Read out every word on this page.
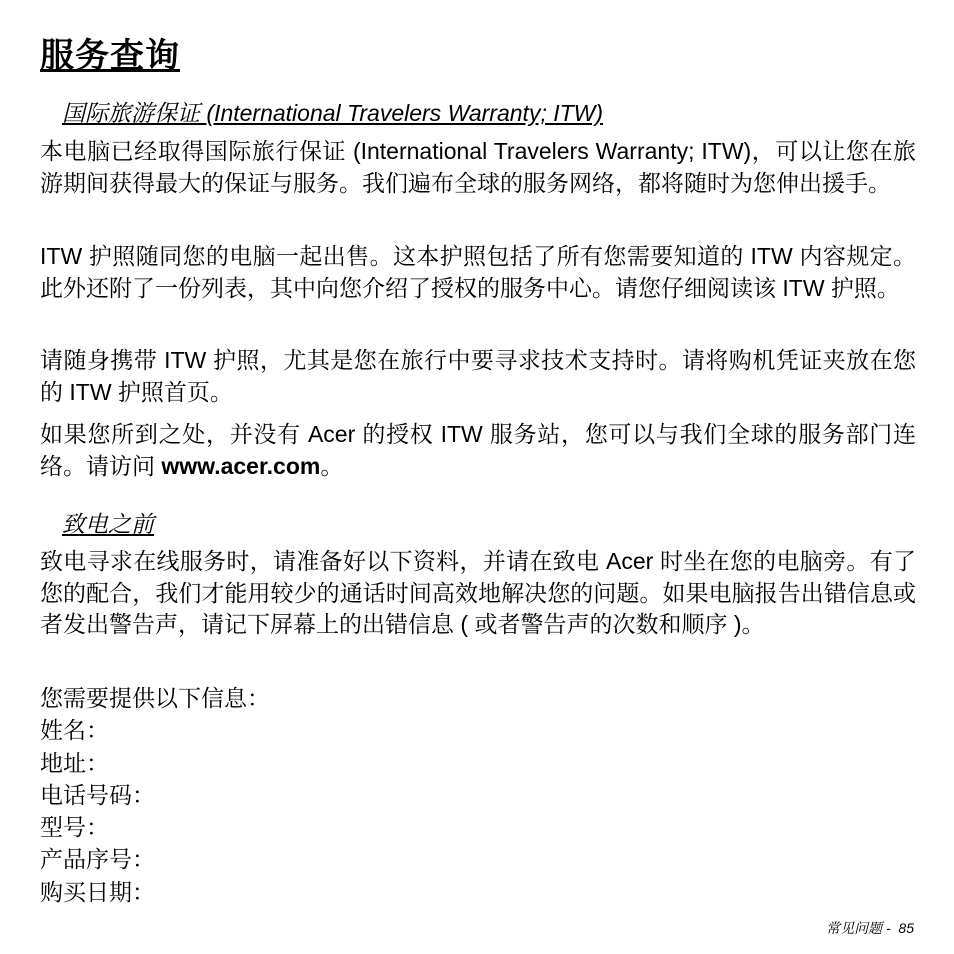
服务查询
国际旅游保证 (International Travelers Warranty; ITW)

本电脑已经取得国际旅行保证 (International Travelers Warranty; ITW)，可以让您在旅游期间获得最大的保证与服务。我们遍布全球的服务网络，都将随时为您伸出援手。

ITW 护照随同您的电脑一起出售。这本护照包括了所有您需要知道的 ITW 内容规定。此外还附了一份列表，其中向您介绍了授权的服务中心。请您仔细阅读该 ITW 护照。

请随身携带 ITW 护照，尤其是您在旅行中要寻求技术支持时。请将购机凭证夹放在您的 ITW 护照首页。

如果您所到之处，并没有 Acer 的授权 ITW 服务站，您可以与我们全球的服务部门连络。请访问 www.acer.com。

致电之前

致电寻求在线服务时，请准备好以下资料，并请在致电 Acer 时坐在您的电脑旁。有了您的配合，我们才能用较少的通话时间高效地解决您的问题。如果电脑报告出错信息或者发出警告声，请记下屏幕上的出错信息 ( 或者警告声的次数和顺序 )。

您需要提供以下信息：
姓名：
地址：
电话号码：
型号：
产品序号：
购买日期：
常见问题 - 85
